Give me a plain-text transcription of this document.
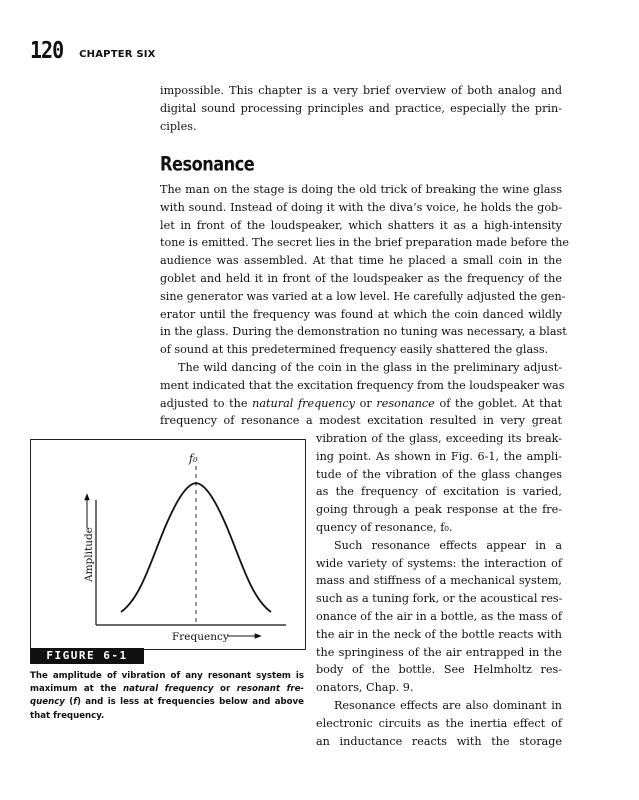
120 CHAPTER SIX
impossible. This chapter is a very brief overview of both analog and
digital sound processing principles and practice, especially the prin-
ciples.
Resonance
The man on the stage is doing the old trick of breaking the wine glass
with sound. Instead of doing it with the diva’s voice, he holds the gob-
let in front of the loudspeaker, which shatters it as a high-intensity
tone is emitted. The secret lies in the brief preparation made before the
audience was assembled. At that time he placed a small coin in the
goblet and held it in front of the loudspeaker as the frequency of the
sine generator was varied at a low level. He carefully adjusted the gen-
erator until the frequency was found at which the coin danced wildly
in the glass. During the demonstration no tuning was necessary, a blast
of sound at this predetermined frequency easily shattered the glass.
The wild dancing of the coin in the glass in the preliminary adjust-
ment indicated that the excitation frequency from the loudspeaker was
adjusted to the natural frequency or resonance of the goblet. At that
frequency of resonance a modest excitation resulted in very great
vibration of the glass, exceeding its break-
ing point. As shown in Fig. 6-1, the ampli-
tude of the vibration of the glass changes
as the frequency of excitation is varied,
going through a peak response at the fre-
quency of resonance, f₀.
Such resonance effects appear in a
wide variety of systems: the interaction of
mass and stiffness of a mechanical system,
such as a tuning fork, or the acoustical res-
onance of the air in a bottle, as the mass of
the air in the neck of the bottle reacts with
the springiness of the air entrapped in the
body of the bottle. See Helmholtz res-
onators, Chap. 9.
Resonance effects are also dominant in
electronic circuits as the inertia effect of
an inductance reacts with the storage
f₀
Frequency
Amplitude
FIGURE 6-1
The amplitude of vibration of any resonant system is
maximum at the natural frequency or resonant fre-
quency (f) and is less at frequencies below and above
that frequency.
